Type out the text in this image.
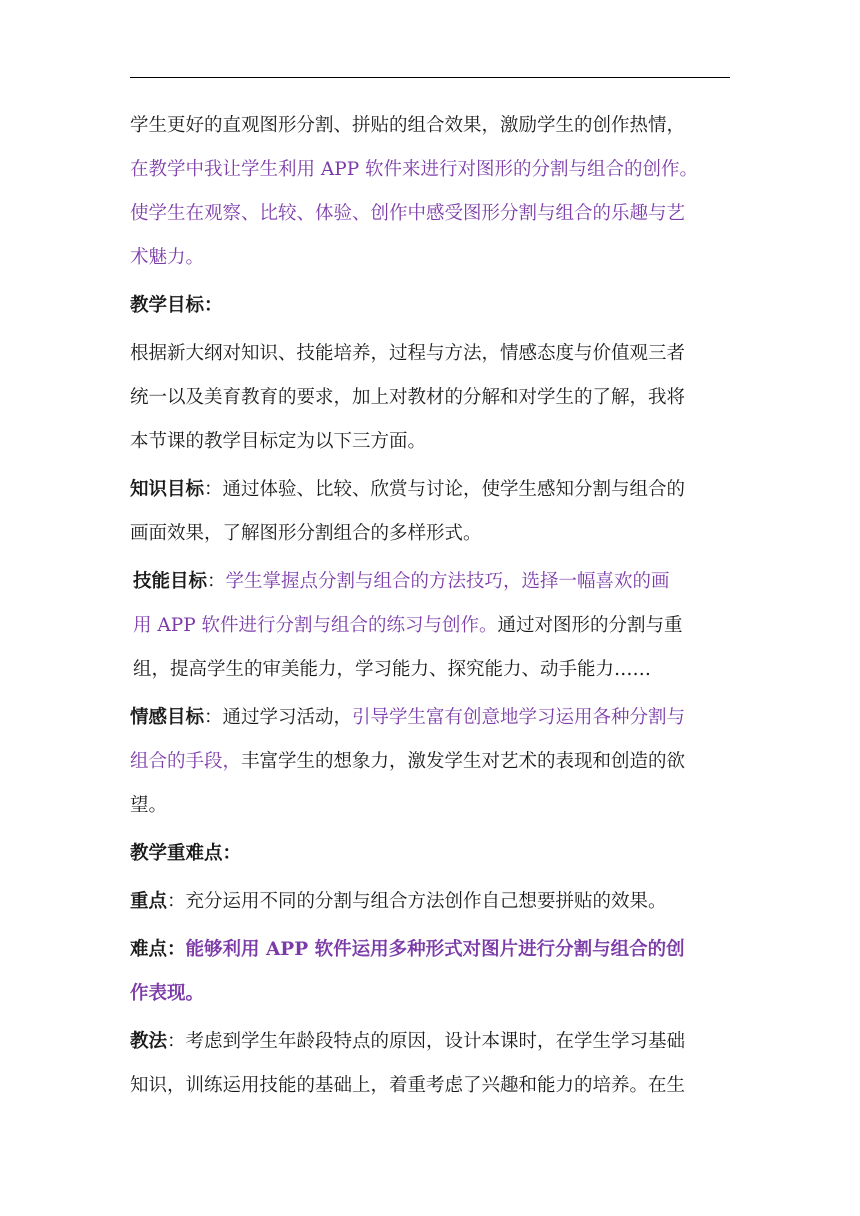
学生更好的直观图形分割、拼贴的组合效果，激励学生的创作热情，
在教学中我让学生利用 APP 软件来进行对图形的分割与组合的创作。
使学生在观察、比较、体验、创作中感受图形分割与组合的乐趣与艺
术魅力。
教学目标：
根据新大纲对知识、技能培养，过程与方法，情感态度与价值观三者
统一以及美育教育的要求，加上对教材的分解和对学生的了解，我将
本节课的教学目标定为以下三方面。
知识目标：通过体验、比较、欣赏与讨论，使学生感知分割与组合的
画面效果，了解图形分割组合的多样形式。
技能目标：学生掌握点分割与组合的方法技巧，选择一幅喜欢的画
用 APP 软件进行分割与组合的练习与创作。通过对图形的分割与重
组，提高学生的审美能力，学习能力、探究能力、动手能力……
情感目标：通过学习活动，引导学生富有创意地学习运用各种分割与
组合的手段，丰富学生的想象力，激发学生对艺术的表现和创造的欲
望。
教学重难点：
重点：充分运用不同的分割与组合方法创作自己想要拼贴的效果。
难点：能够利用 APP 软件运用多种形式对图片进行分割与组合的创
作表现。
教法：考虑到学生年龄段特点的原因，设计本课时，在学生学习基础
知识，训练运用技能的基础上，着重考虑了兴趣和能力的培养。在生
